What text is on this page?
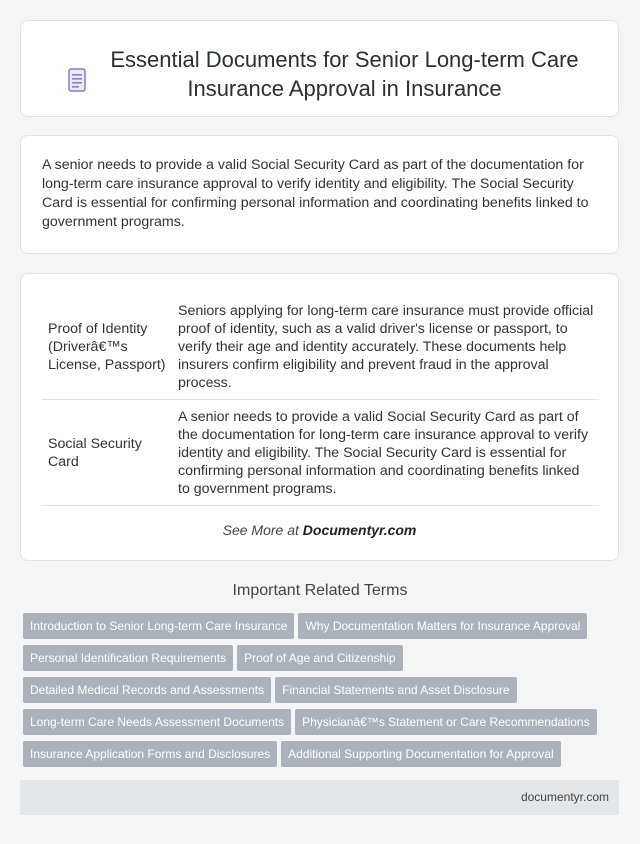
Essential Documents for Senior Long-term Care Insurance Approval in Insurance

A senior needs to provide a valid Social Security Card as part of the documentation for long-term care insurance approval to verify identity and eligibility. The Social Security Card is essential for confirming personal information and coordinating benefits linked to government programs.

Proof of Identity (Driverâ€™s License, Passport)	Seniors applying for long-term care insurance must provide official proof of identity, such as a valid driver's license or passport, to verify their age and identity accurately. These documents help insurers confirm eligibility and prevent fraud in the approval process.
Social Security Card	A senior needs to provide a valid Social Security Card as part of the documentation for long-term care insurance approval to verify identity and eligibility. The Social Security Card is essential for confirming personal information and coordinating benefits linked to government programs.
See More at Documentyr.com
Important Related Terms
Introduction to Senior Long-term Care Insurance Why Documentation Matters for Insurance Approval
Personal Identification Requirements Proof of Age and Citizenship
Detailed Medical Records and Assessments Financial Statements and Asset Disclosure
Long-term Care Needs Assessment Documents Physicianâ€™s Statement or Care Recommendations
Insurance Application Forms and Disclosures Additional Supporting Documentation for Approval
documentyr.com
